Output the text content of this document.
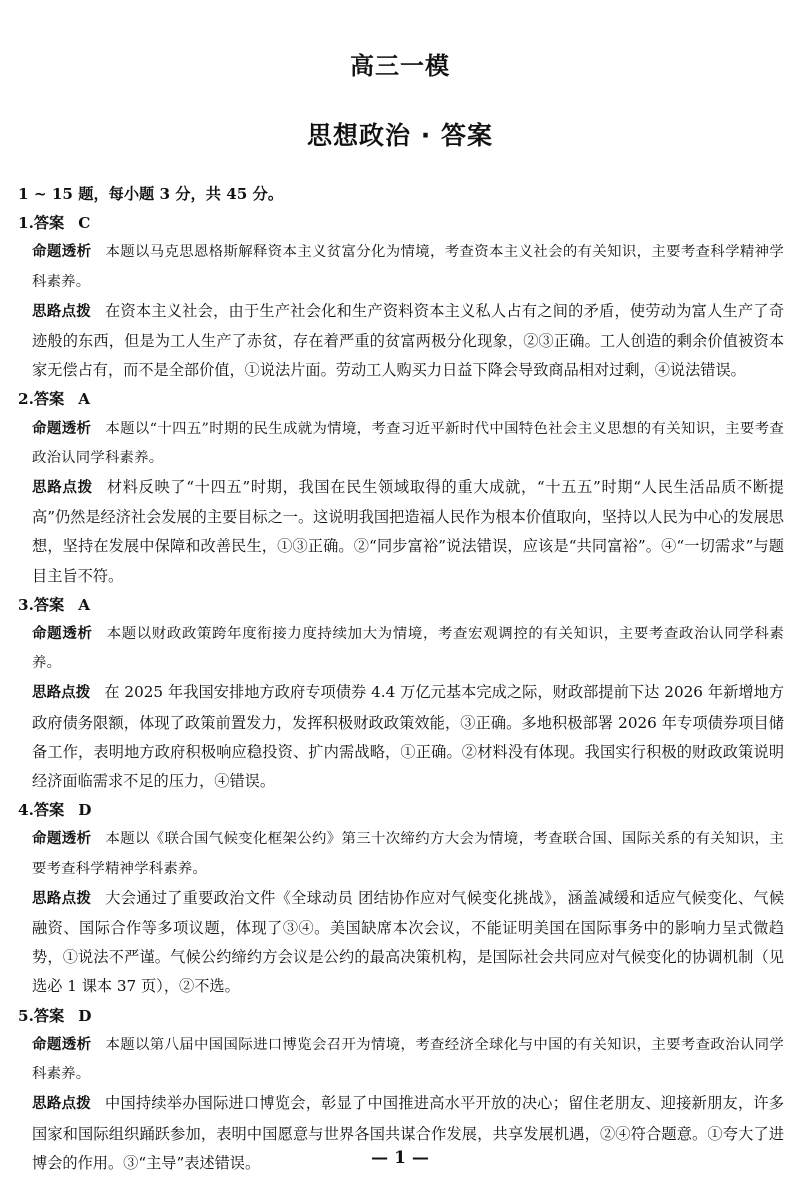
高三一模
思想政治 · 答案
1 ~ 15 题，每小题 3 分，共 45 分。
1.答案 C

命题透析 本题以马克思恩格斯解释资本主义贫富分化为情境，考查资本主义社会的有关知识，主要考查科学精神学科素养。

思路点拨 在资本主义社会，由于生产社会化和生产资料资本主义私人占有之间的矛盾，使劳动为富人生产了奇迹般的东西，但是为工人生产了赤贫，存在着严重的贫富两极分化现象，②③正确。工人创造的剩余价值被资本家无偿占有，而不是全部价值，①说法片面。劳动工人购买力日益下降会导致商品相对过剩，④说法错误。

2.答案 A

命题透析 本题以“十四五”时期的民生成就为情境，考查习近平新时代中国特色社会主义思想的有关知识，主要考查政治认同学科素养。

思路点拨 材料反映了“十四五”时期，我国在民生领域取得的重大成就，“十五五”时期“人民生活品质不断提高”仍然是经济社会发展的主要目标之一。这说明我国把造福人民作为根本价值取向，坚持以人民为中心的发展思想，坚持在发展中保障和改善民生，①③正确。②“同步富裕”说法错误，应该是“共同富裕”。④“一切需求”与题目主旨不符。

3.答案 A

命题透析 本题以财政政策跨年度衔接力度持续加大为情境，考查宏观调控的有关知识，主要考查政治认同学科素养。

思路点拨 在 2025 年我国安排地方政府专项债券 4.4 万亿元基本完成之际，财政部提前下达 2026 年新增地方政府债务限额，体现了政策前置发力，发挥积极财政政策效能，③正确。多地积极部署 2026 年专项债券项目储备工作，表明地方政府积极响应稳投资、扩内需战略，①正确。②材料没有体现。我国实行积极的财政政策说明经济面临需求不足的压力，④错误。

4.答案 D

命题透析 本题以《联合国气候变化框架公约》第三十次缔约方大会为情境，考查联合国、国际关系的有关知识，主要考查科学精神学科素养。

思路点拨 大会通过了重要政治文件《全球动员 团结协作应对气候变化挑战》，涵盖减缓和适应气候变化、气候融资、国际合作等多项议题，体现了③④。美国缺席本次会议，不能证明美国在国际事务中的影响力呈式微趋势，①说法不严谨。气候公约缔约方会议是公约的最高决策机构，是国际社会共同应对气候变化的协调机制（见选必 1 课本 37 页），②不选。

5.答案 D

命题透析 本题以第八届中国国际进口博览会召开为情境，考查经济全球化与中国的有关知识，主要考查政治认同学科素养。

思路点拨 中国持续举办国际进口博览会，彰显了中国推进高水平开放的决心；留住老朋友、迎接新朋友，许多国家和国际组织踊跃参加，表明中国愿意与世界各国共谋合作发展，共享发展机遇，②④符合题意。①夸大了进博会的作用。③“主导”表述错误。	— 1 —
